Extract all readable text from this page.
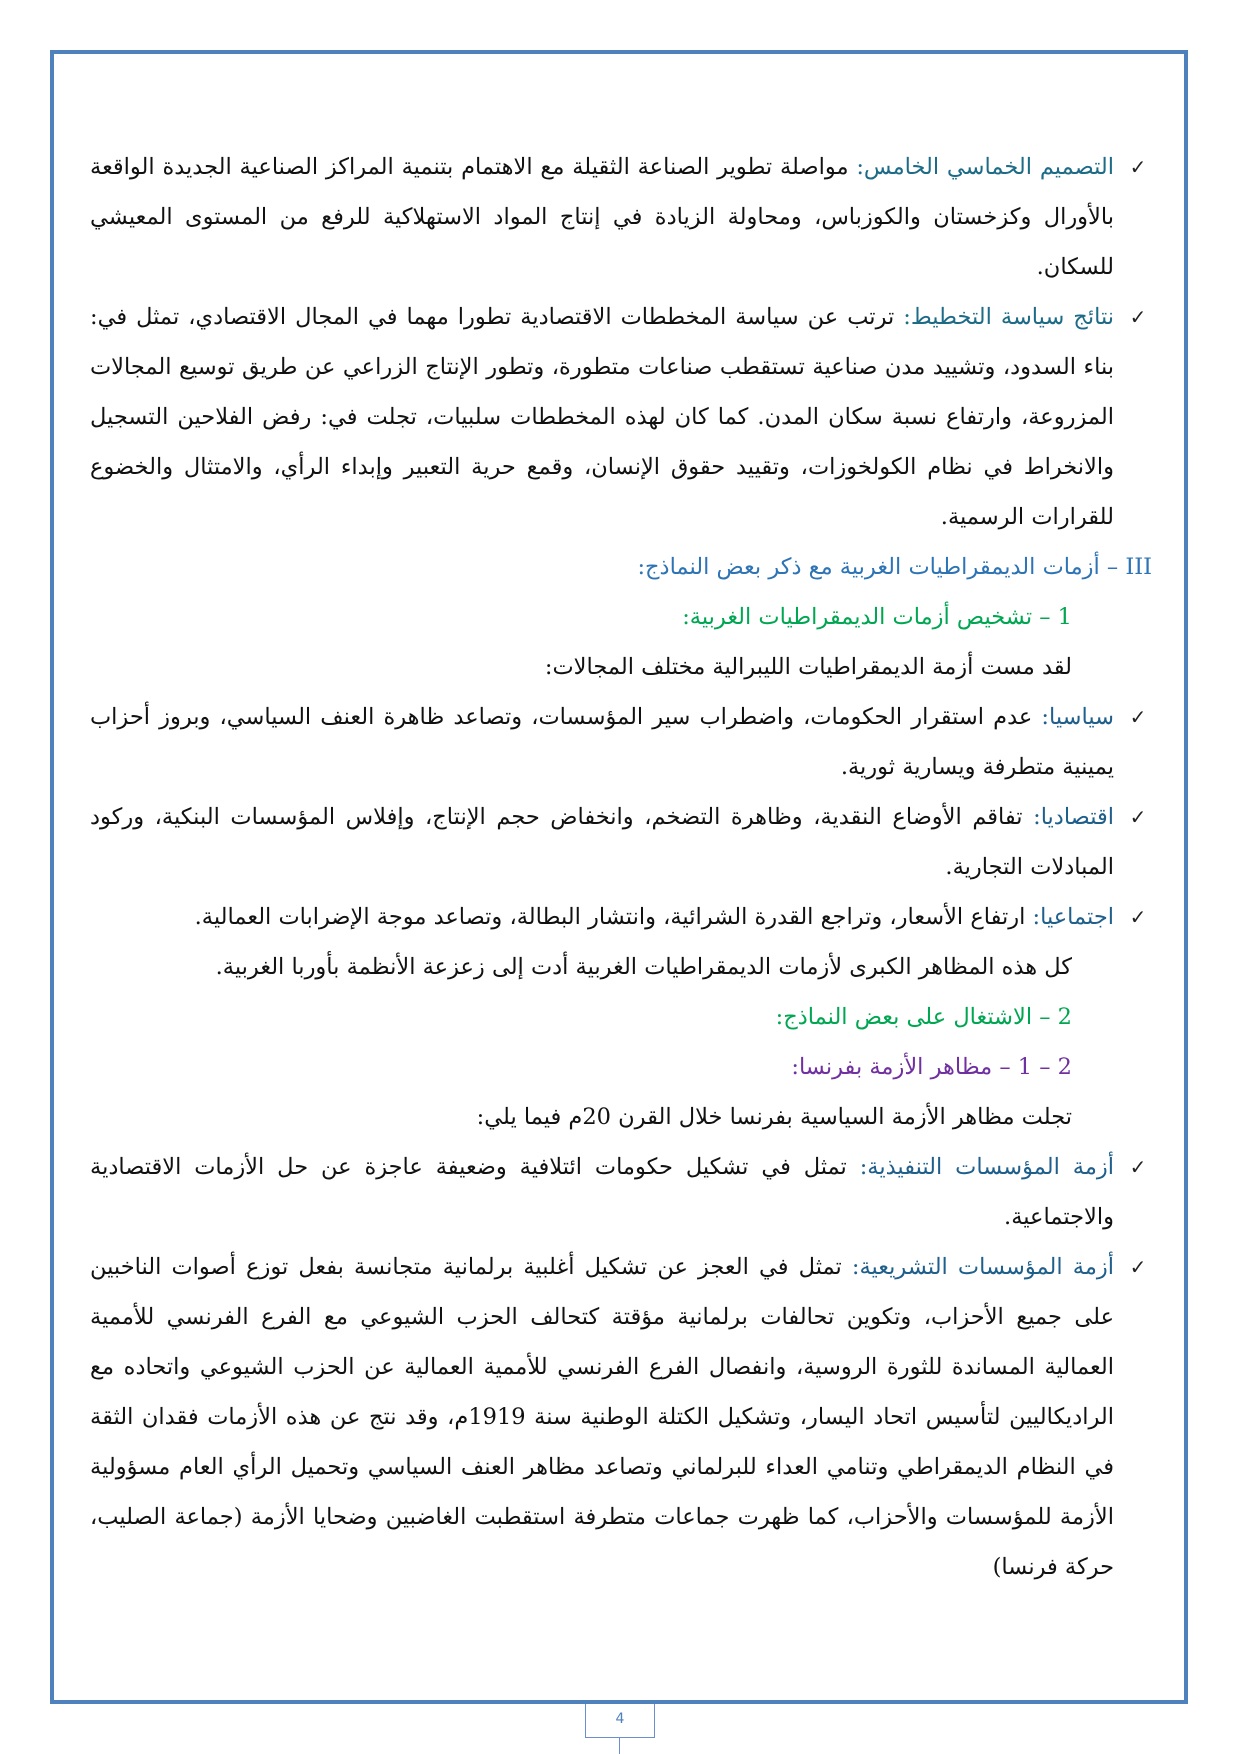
✓
التصميم الخماسي الخامس: مواصلة تطوير الصناعة الثقيلة مع الاهتمام بتنمية المراكز الصناعية الجديدة الواقعة بالأورال وكزخستان والكوزباس، ومحاولة الزيادة في إنتاج المواد الاستهلاكية للرفع من المستوى المعيشي للسكان.

✓
نتائج سياسة التخطيط: ترتب عن سياسة المخططات الاقتصادية تطورا مهما في المجال الاقتصادي، تمثل في: بناء السدود، وتشييد مدن صناعية تستقطب صناعات متطورة، وتطور الإنتاج الزراعي عن طريق توسيع المجالات المزروعة، وارتفاع نسبة سكان المدن. كما كان لهذه المخططات سلبيات، تجلت في: رفض الفلاحين التسجيل والانخراط في نظام الكولخوزات، وتقييد حقوق الإنسان، وقمع حرية التعبير وإبداء الرأي، والامتثال والخضوع للقرارات الرسمية.

III – أزمات الديمقراطيات الغربية مع ذكر بعض النماذج:

1 – تشخيص أزمات الديمقراطيات الغربية:

لقد مست أزمة الديمقراطيات الليبرالية مختلف المجالات:

✓
سياسيا: عدم استقرار الحكومات، واضطراب سير المؤسسات، وتصاعد ظاهرة العنف السياسي، وبروز أحزاب يمينية متطرفة ويسارية ثورية.

✓
اقتصاديا: تفاقم الأوضاع النقدية، وظاهرة التضخم، وانخفاض حجم الإنتاج، وإفلاس المؤسسات البنكية، وركود المبادلات التجارية.

✓
اجتماعيا: ارتفاع الأسعار، وتراجع القدرة الشرائية، وانتشار البطالة، وتصاعد موجة الإضرابات العمالية.

كل هذه المظاهر الكبرى لأزمات الديمقراطيات الغربية أدت إلى زعزعة الأنظمة بأوربا الغربية.

2 – الاشتغال على بعض النماذج:

2 – 1 – مظاهر الأزمة بفرنسا:

تجلت مظاهر الأزمة السياسية بفرنسا خلال القرن 20م فيما يلي:

✓
أزمة المؤسسات التنفيذية: تمثل في تشكيل حكومات ائتلافية وضعيفة عاجزة عن حل الأزمات الاقتصادية والاجتماعية.

✓
أزمة المؤسسات التشريعية: تمثل في العجز عن تشكيل أغلبية برلمانية متجانسة بفعل توزع أصوات الناخبين على جميع الأحزاب، وتكوين تحالفات برلمانية مؤقتة كتحالف الحزب الشيوعي مع الفرع الفرنسي للأممية العمالية المساندة للثورة الروسية، وانفصال الفرع الفرنسي للأممية العمالية عن الحزب الشيوعي واتحاده مع الراديكاليين لتأسيس اتحاد اليسار، وتشكيل الكتلة الوطنية سنة 1919م، وقد نتج عن هذه الأزمات فقدان الثقة في النظام الديمقراطي وتنامي العداء للبرلماني وتصاعد مظاهر العنف السياسي وتحميل الرأي العام مسؤولية الأزمة للمؤسسات والأحزاب، كما ظهرت جماعات متطرفة استقطبت الغاضبين وضحايا الأزمة (جماعة الصليب، حركة فرنسا)

4
